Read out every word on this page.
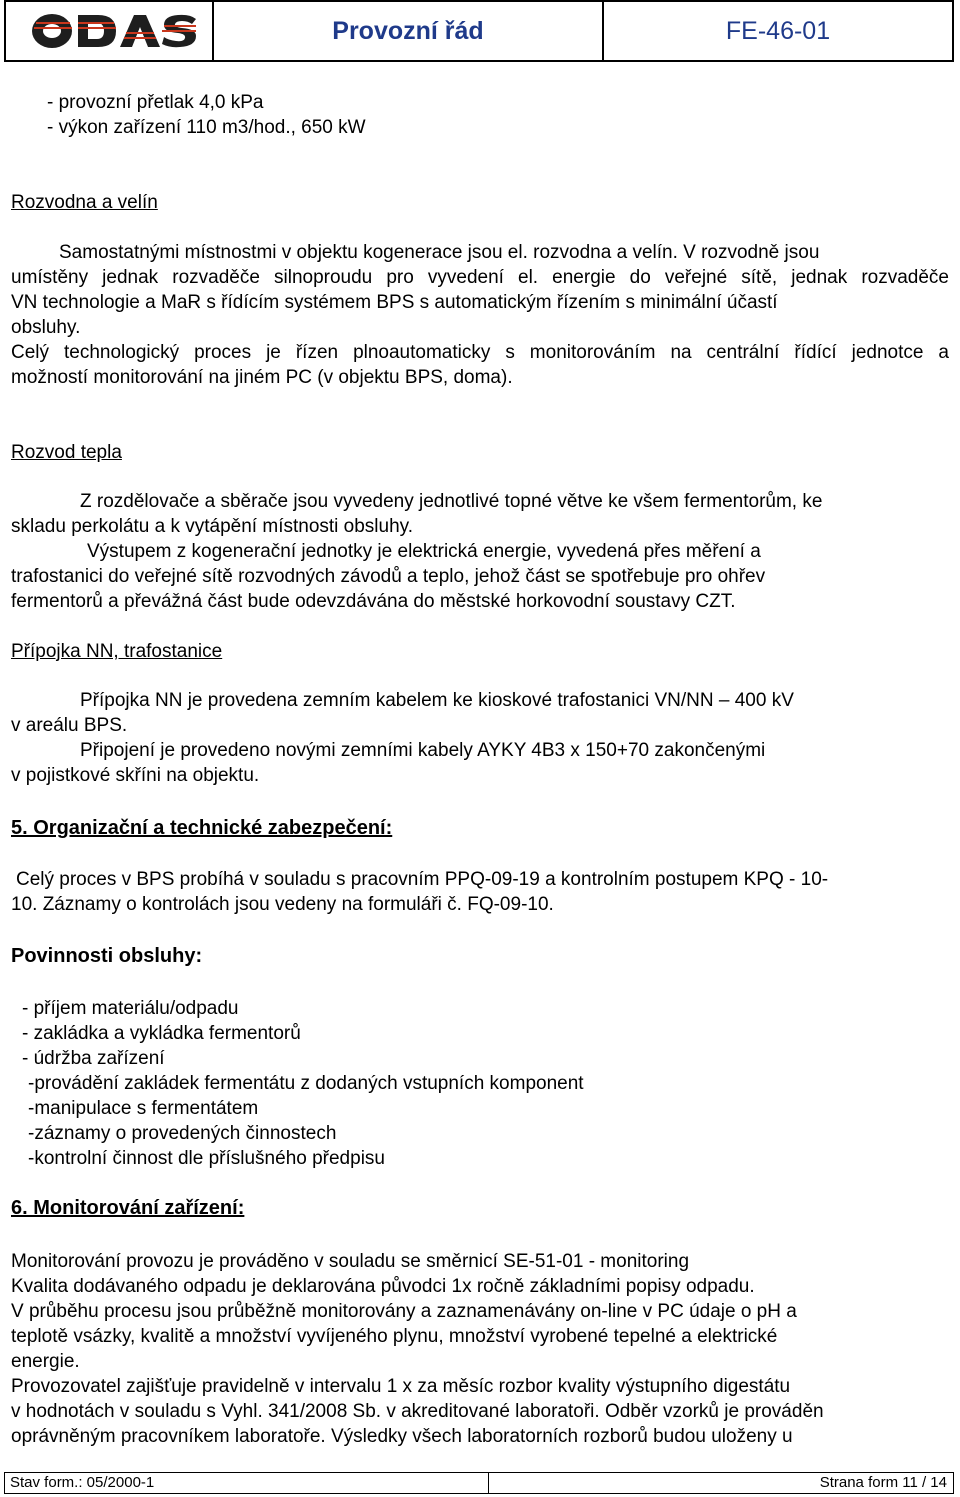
Provozní řád	FE-46-01
- provozní přetlak 4,0 kPa
- výkon zařízení 110 m3/hod., 650 kW
Rozvodna a velín
Samostatnými místnostmi v objektu kogenerace jsou el. rozvodna a velín. V rozvodně jsou
umístěny jednak rozvaděče silnoproudu pro vyvedení el. energie do veřejné sítě, jednak rozvaděče
VN technologie a MaR s řídícím systémem BPS s automatickým řízením s minimální účastí
obsluhy.
Celý technologický proces je řízen plnoautomaticky s monitorováním na centrální řídící jednotce a
možností monitorování na jiném PC (v objektu BPS, doma).
Rozvod tepla
Z rozdělovače a sběrače jsou vyvedeny jednotlivé topné větve ke všem fermentorům, ke
skladu perkolátu a k vytápění místnosti obsluhy.
Výstupem z kogenerační jednotky je elektrická energie, vyvedená přes měření a
trafostanici do veřejné sítě rozvodných závodů a teplo, jehož část se spotřebuje pro ohřev
fermentorů a převážná část bude odevzdávána do městské horkovodní soustavy CZT.
Přípojka NN, trafostanice
Přípojka NN je provedena zemním kabelem ke kioskové trafostanici VN/NN – 400 kV
v areálu BPS.
Připojení je provedeno novými zemními kabely AYKY 4B3 x 150+70 zakončenými
v pojistkové skříni na objektu.
5. Organizační a technické zabezpečení:
Celý proces v BPS probíhá v souladu s pracovním PPQ-09-19 a kontrolním postupem KPQ - 10-
10. Záznamy o kontrolách jsou vedeny na formuláři č. FQ-09-10.
Povinnosti obsluhy:
- příjem materiálu/odpadu
- zakládka a vykládka fermentorů
- údržba zařízení
-provádění zakládek fermentátu z dodaných vstupních komponent
-manipulace s fermentátem
-záznamy o provedených činnostech
-kontrolní činnost dle příslušného předpisu
6. Monitorování zařízení:
Monitorování provozu je prováděno v souladu se směrnicí SE-51-01 - monitoring
Kvalita dodávaného odpadu je deklarována původci 1x ročně základními popisy odpadu.
V průběhu procesu jsou průběžně monitorovány a zaznamenávány on-line v PC údaje o pH a
teplotě vsázky, kvalitě a množství vyvíjeného plynu, množství vyrobené tepelné a elektrické
energie.
Provozovatel zajišťuje pravidelně v intervalu 1 x za měsíc rozbor kvality výstupního digestátu
v hodnotách v souladu s Vyhl. 341/2008 Sb. v akreditované laboratoři. Odběr vzorků je prováděn
oprávněným pracovníkem laboratoře. Výsledky všech laboratorních rozborů budou uloženy u
Stav form.: 05/2000-1	Strana form 11 / 14
